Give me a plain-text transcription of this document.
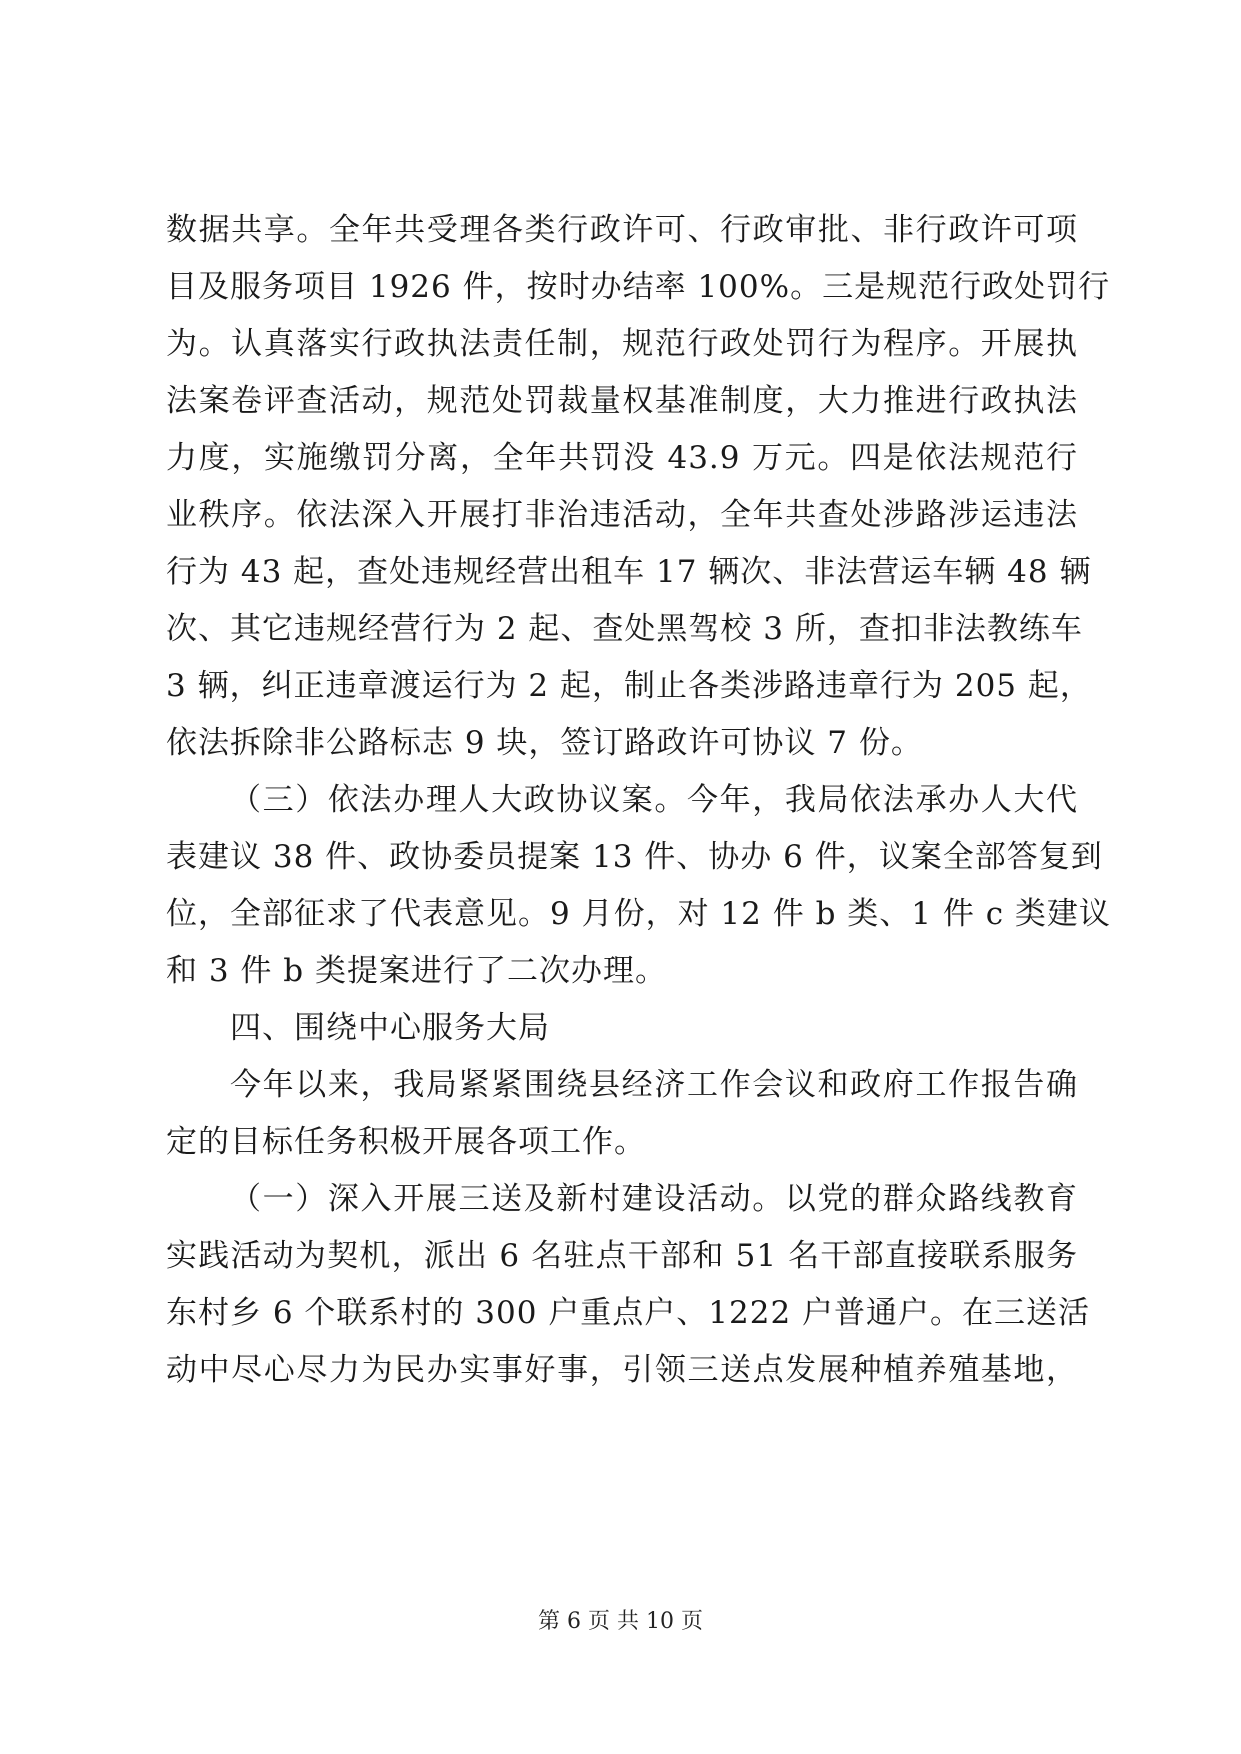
数据共享。全年共受理各类行政许可、行政审批、非行政许可项
目及服务项目 1926 件，按时办结率 100%。三是规范行政处罚行
为。认真落实行政执法责任制，规范行政处罚行为程序。开展执
法案卷评查活动，规范处罚裁量权基准制度，大力推进行政执法
力度，实施缴罚分离，全年共罚没 43.9 万元。四是依法规范行
业秩序。依法深入开展打非治违活动，全年共查处涉路涉运违法
行为 43 起，查处违规经营出租车 17 辆次、非法营运车辆 48 辆
次、其它违规经营行为 2 起、查处黑驾校 3 所，查扣非法教练车
3 辆，纠正违章渡运行为 2 起，制止各类涉路违章行为 205 起，
依法拆除非公路标志 9 块，签订路政许可协议 7 份。
（三）依法办理人大政协议案。今年，我局依法承办人大代
表建议 38 件、政协委员提案 13 件、协办 6 件，议案全部答复到
位，全部征求了代表意见。9 月份，对 12 件 b 类、1 件 c 类建议
和 3 件 b 类提案进行了二次办理。
四、围绕中心服务大局
今年以来，我局紧紧围绕县经济工作会议和政府工作报告确
定的目标任务积极开展各项工作。
（一）深入开展三送及新村建设活动。以党的群众路线教育
实践活动为契机，派出 6 名驻点干部和 51 名干部直接联系服务
东村乡 6 个联系村的 300 户重点户、1222 户普通户。在三送活
动中尽心尽力为民办实事好事，引领三送点发展种植养殖基地，
第 6 页 共 10 页
